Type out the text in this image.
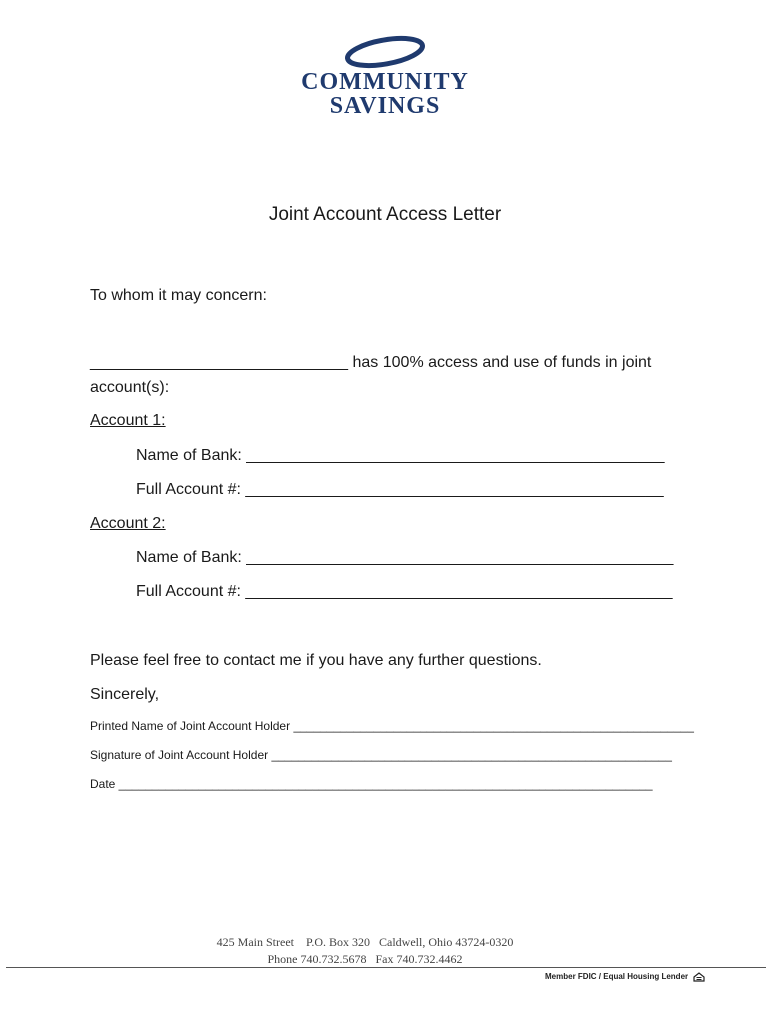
COMMUNITY
SAVINGS
Joint Account Access Letter
To whom it may concern:
_____________________________ has 100% access and use of funds in joint
account(s):
Account 1:
Name of Bank: _______________________________________________
Full Account #: _______________________________________________
Account 2:
Name of Bank: ________________________________________________
Full Account #: ________________________________________________
Please feel free to contact me if you have any further questions.
Sincerely,
Printed Name of Joint Account Holder ____________________________________________________________
Signature of Joint Account Holder ____________________________________________________________
Date ________________________________________________________________________________
425 Main Street    P.O. Box 320   Caldwell, Ohio 43724-0320
Phone 740.732.5678   Fax 740.732.4462
Member FDIC / Equal Housing Lender
